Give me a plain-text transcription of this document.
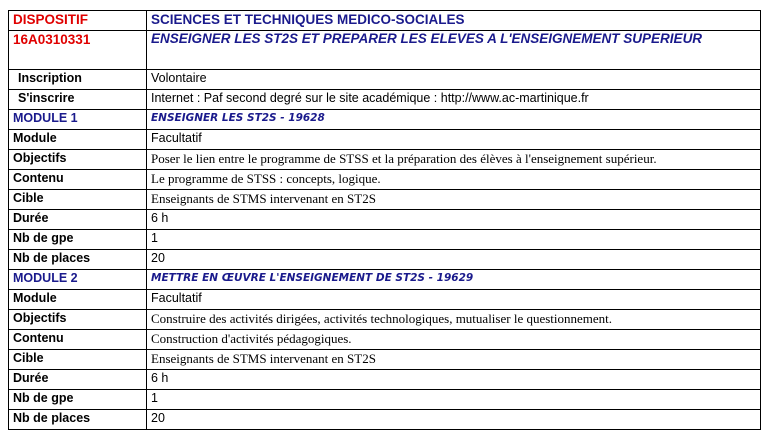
DISPOSITIF	SCIENCES ET TECHNIQUES MEDICO-SOCIALES
16A0310331	ENSEIGNER LES ST2S ET PREPARER LES ELEVES A L'ENSEIGNEMENT SUPERIEUR
Inscription	Volontaire
S'inscrire	Internet : Paf second degré sur le site académique : http://www.ac-martinique.fr
MODULE 1	ENSEIGNER LES ST2S - 19628
Module	Facultatif
Objectifs	Poser le lien entre le programme de STSS et la préparation des élèves à l'enseignement supérieur.
Contenu	Le programme de STSS : concepts, logique.
Cible	Enseignants de STMS intervenant en ST2S
Durée	6 h
Nb de gpe	1
Nb de places	20
MODULE 2	METTRE EN ŒUVRE L'ENSEIGNEMENT DE ST2S - 19629
Module	Facultatif
Objectifs	Construire des activités dirigées, activités technologiques, mutualiser le questionnement.
Contenu	Construction d'activités pédagogiques.
Cible	Enseignants de STMS intervenant en ST2S
Durée	6 h
Nb de gpe	1
Nb de places	20
